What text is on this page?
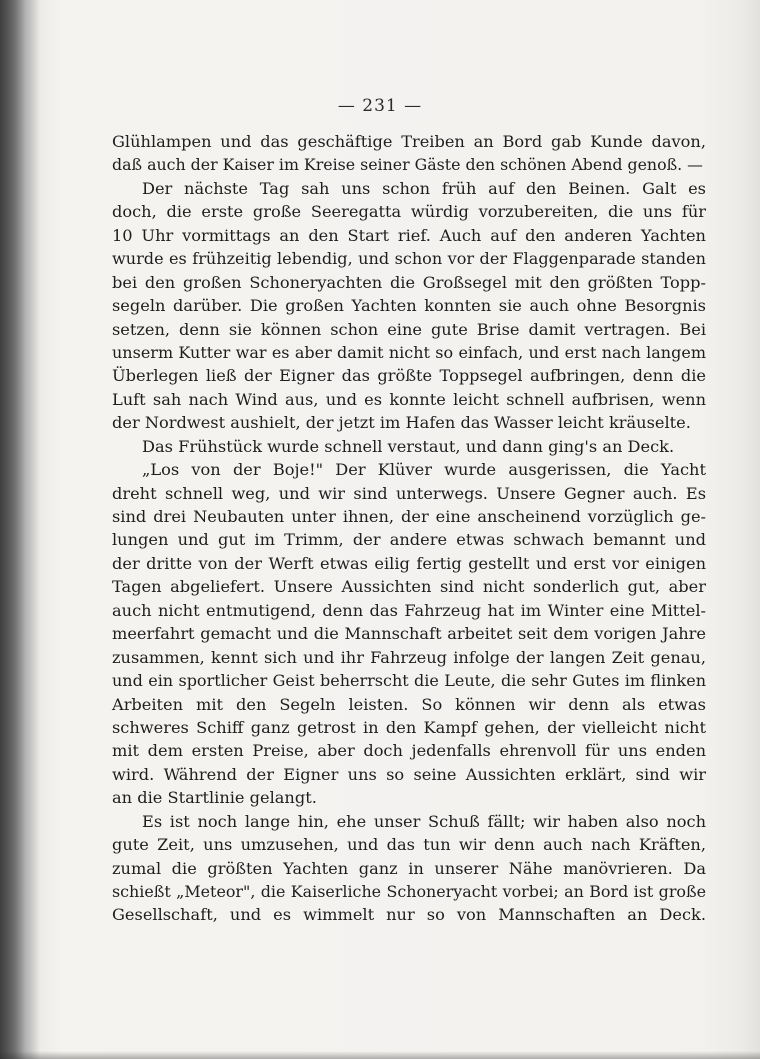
— 231 —
Glühlampen und das geschäftige Treiben an Bord gab Kunde davon,
daß auch der Kaiser im Kreise seiner Gäste den schönen Abend genoß. —
Der nächste Tag sah uns schon früh auf den Beinen. Galt es
doch, die erste große Seeregatta würdig vorzubereiten, die uns für
10 Uhr vormittags an den Start rief. Auch auf den anderen Yachten
wurde es frühzeitig lebendig, und schon vor der Flaggenparade standen
bei den großen Schoneryachten die Großsegel mit den größten Topp-
segeln darüber. Die großen Yachten konnten sie auch ohne Besorgnis
setzen, denn sie können schon eine gute Brise damit vertragen. Bei
unserm Kutter war es aber damit nicht so einfach, und erst nach langem
Überlegen ließ der Eigner das größte Toppsegel aufbringen, denn die
Luft sah nach Wind aus, und es konnte leicht schnell aufbrisen, wenn
der Nordwest aushielt, der jetzt im Hafen das Wasser leicht kräuselte.
Das Frühstück wurde schnell verstaut, und dann ging's an Deck.
„Los von der Boje!" Der Klüver wurde ausgerissen, die Yacht
dreht schnell weg, und wir sind unterwegs. Unsere Gegner auch. Es
sind drei Neubauten unter ihnen, der eine anscheinend vorzüglich ge-
lungen und gut im Trimm, der andere etwas schwach bemannt und
der dritte von der Werft etwas eilig fertig gestellt und erst vor einigen
Tagen abgeliefert. Unsere Aussichten sind nicht sonderlich gut, aber
auch nicht entmutigend, denn das Fahrzeug hat im Winter eine Mittel-
meerfahrt gemacht und die Mannschaft arbeitet seit dem vorigen Jahre
zusammen, kennt sich und ihr Fahrzeug infolge der langen Zeit genau,
und ein sportlicher Geist beherrscht die Leute, die sehr Gutes im flinken
Arbeiten mit den Segeln leisten. So können wir denn als etwas
schweres Schiff ganz getrost in den Kampf gehen, der vielleicht nicht
mit dem ersten Preise, aber doch jedenfalls ehrenvoll für uns enden
wird. Während der Eigner uns so seine Aussichten erklärt, sind wir
an die Startlinie gelangt.
Es ist noch lange hin, ehe unser Schuß fällt; wir haben also noch
gute Zeit, uns umzusehen, und das tun wir denn auch nach Kräften,
zumal die größten Yachten ganz in unserer Nähe manövrieren. Da
schießt „Meteor", die Kaiserliche Schoneryacht vorbei; an Bord ist große
Gesellschaft, und es wimmelt nur so von Mannschaften an Deck.
